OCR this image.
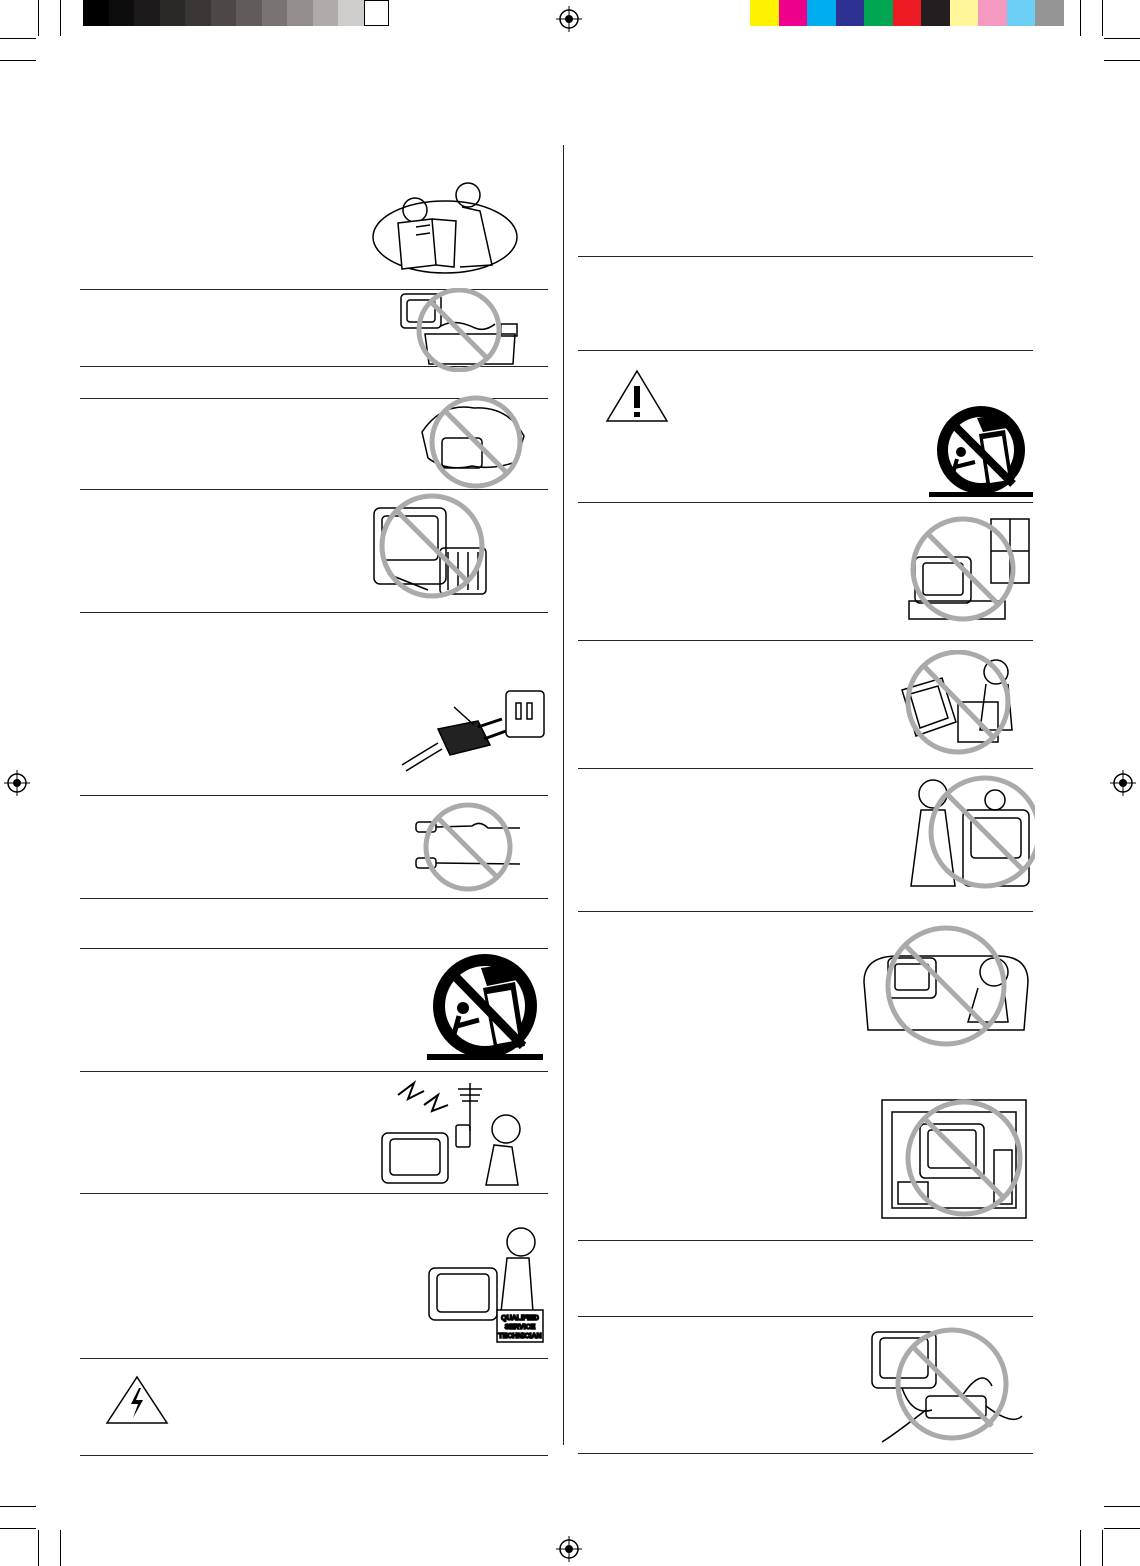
QUALIFIED
SERVICE
TECHNICIAN
